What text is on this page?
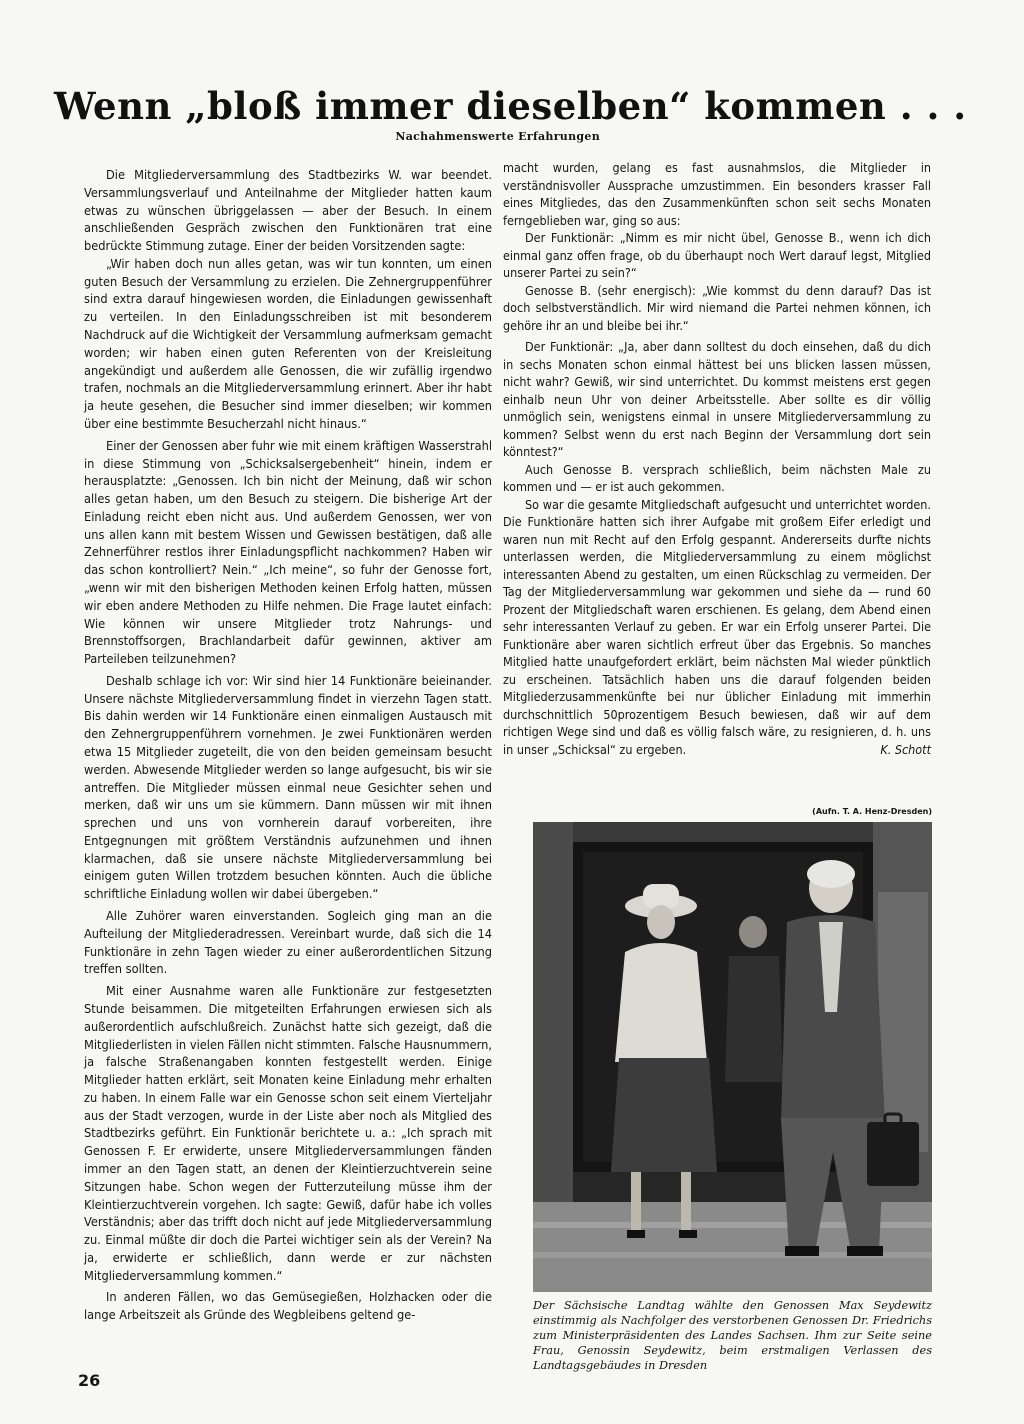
Wenn „bloß immer dieselben“ kommen . . .
Nachahmenswerte Erfahrungen

Die Mitgliederversammlung des Stadtbezirks W. war beendet. Versammlungsverlauf und Anteilnahme der Mitglieder hatten kaum etwas zu wünschen übriggelassen — aber der Besuch. In einem anschließenden Gespräch zwischen den Funktionären trat eine bedrückte Stimmung zutage. Einer der beiden Vorsitzenden sagte:

„Wir haben doch nun alles getan, was wir tun konnten, um einen guten Besuch der Versammlung zu erzielen. Die Zehnergruppenführer sind extra darauf hingewiesen worden, die Einladungen gewissenhaft zu verteilen. In den Einladungsschreiben ist mit besonderem Nachdruck auf die Wichtigkeit der Versammlung aufmerksam gemacht worden; wir haben einen guten Referenten von der Kreisleitung angekündigt und außerdem alle Genossen, die wir zufällig irgendwo trafen, nochmals an die Mitgliederversammlung erinnert. Aber ihr habt ja heute gesehen, die Besucher sind immer dieselben; wir kommen über eine bestimmte Besucherzahl nicht hinaus.“

Einer der Genossen aber fuhr wie mit einem kräftigen Wasserstrahl in diese Stimmung von „Schicksalsergebenheit“ hinein, indem er herausplatzte: „Genossen. Ich bin nicht der Meinung, daß wir schon alles getan haben, um den Besuch zu steigern. Die bisherige Art der Einladung reicht eben nicht aus. Und außerdem Genossen, wer von uns allen kann mit bestem Wissen und Gewissen bestätigen, daß alle Zehnerführer restlos ihrer Einladungspflicht nachkommen? Haben wir das schon kontrolliert? Nein.“ „Ich meine“, so fuhr der Genosse fort, „wenn wir mit den bisherigen Methoden keinen Erfolg hatten, müssen wir eben andere Methoden zu Hilfe nehmen. Die Frage lautet einfach: Wie können wir unsere Mitglieder trotz Nahrungs- und Brennstoffsorgen, Brachlandarbeit dafür gewinnen, aktiver am Parteileben teilzunehmen?

Deshalb schlage ich vor: Wir sind hier 14 Funktionäre beieinander. Unsere nächste Mitgliederversammlung findet in vierzehn Tagen statt. Bis dahin werden wir 14 Funktionäre einen einmaligen Austausch mit den Zehnergruppenführern vornehmen. Je zwei Funktionären werden etwa 15 Mitglieder zugeteilt, die von den beiden gemeinsam besucht werden. Abwesende Mitglieder werden so lange aufgesucht, bis wir sie antreffen. Die Mitglieder müssen einmal neue Gesichter sehen und merken, daß wir uns um sie kümmern. Dann müssen wir mit ihnen sprechen und uns von vornherein darauf vorbereiten, ihre Entgegnungen mit größtem Verständnis aufzunehmen und ihnen klarmachen, daß sie unsere nächste Mitgliederversammlung bei einigem guten Willen trotzdem besuchen könnten. Auch die übliche schriftliche Einladung wollen wir dabei übergeben.“

Alle Zuhörer waren einverstanden. Sogleich ging man an die Aufteilung der Mitgliederadressen. Vereinbart wurde, daß sich die 14 Funktionäre in zehn Tagen wieder zu einer außerordentlichen Sitzung treffen sollten.

Mit einer Ausnahme waren alle Funktionäre zur festgesetzten Stunde beisammen. Die mitgeteilten Erfahrungen erwiesen sich als außerordentlich aufschlußreich. Zunächst hatte sich gezeigt, daß die Mitgliederlisten in vielen Fällen nicht stimmten. Falsche Hausnummern, ja falsche Straßenangaben konnten festgestellt werden. Einige Mitglieder hatten erklärt, seit Monaten keine Einladung mehr erhalten zu haben. In einem Falle war ein Genosse schon seit einem Vierteljahr aus der Stadt verzogen, wurde in der Liste aber noch als Mitglied des Stadtbezirks geführt. Ein Funktionär berichtete u. a.: „Ich sprach mit Genossen F. Er erwiderte, unsere Mitgliederversammlungen fänden immer an den Tagen statt, an denen der Kleintierzuchtverein seine Sitzungen habe. Schon wegen der Futterzuteilung müsse ihm der Kleintierzuchtverein vorgehen. Ich sagte: Gewiß, dafür habe ich volles Verständnis; aber das trifft doch nicht auf jede Mitgliederversammlung zu. Einmal müßte dir doch die Partei wichtiger sein als der Verein? Na ja, erwiderte er schließlich, dann werde er zur nächsten Mitgliederversammlung kommen.“

In anderen Fällen, wo das Gemüsegießen, Holzhacken oder die lange Arbeitszeit als Gründe des Wegbleibens geltend ge-

macht wurden, gelang es fast ausnahmslos, die Mitglieder in verständnisvoller Aussprache umzustimmen. Ein besonders krasser Fall eines Mitgliedes, das den Zusammenkünften schon seit sechs Monaten ferngeblieben war, ging so aus:

Der Funktionär: „Nimm es mir nicht übel, Genosse B., wenn ich dich einmal ganz offen frage, ob du überhaupt noch Wert darauf legst, Mitglied unserer Partei zu sein?“

Genosse B. (sehr energisch): „Wie kommst du denn darauf? Das ist doch selbstverständlich. Mir wird niemand die Partei nehmen können, ich gehöre ihr an und bleibe bei ihr.“

Der Funktionär: „Ja, aber dann solltest du doch einsehen, daß du dich in sechs Monaten schon einmal hättest bei uns blicken lassen müssen, nicht wahr? Gewiß, wir sind unterrichtet. Du kommst meistens erst gegen einhalb neun Uhr von deiner Arbeitsstelle. Aber sollte es dir völlig unmöglich sein, wenigstens einmal in unsere Mitgliederversammlung zu kommen? Selbst wenn du erst nach Beginn der Versammlung dort sein könntest?“

Auch Genosse B. versprach schließlich, beim nächsten Male zu kommen und — er ist auch gekommen.

So war die gesamte Mitgliedschaft aufgesucht und unterrichtet worden. Die Funktionäre hatten sich ihrer Aufgabe mit großem Eifer erledigt und waren nun mit Recht auf den Erfolg gespannt. Andererseits durfte nichts unterlassen werden, die Mitgliederversammlung zu einem möglichst interessanten Abend zu gestalten, um einen Rückschlag zu vermeiden. Der Tag der Mitgliederversammlung war gekommen und siehe da — rund 60 Prozent der Mitgliedschaft waren erschienen. Es gelang, dem Abend einen sehr interessanten Verlauf zu geben. Er war ein Erfolg unserer Partei. Die Funktionäre aber waren sichtlich erfreut über das Ergebnis. So manches Mitglied hatte unaufgefordert erklärt, beim nächsten Mal wieder pünktlich zu erscheinen. Tatsächlich haben uns die darauf folgenden beiden Mitgliederzusammenkünfte bei nur üblicher Einladung mit immerhin durchschnittlich 50prozentigem Besuch bewiesen, daß wir auf dem richtigen Wege sind und daß es völlig falsch wäre, zu resignieren, d. h. uns in unser „Schicksal“ zu ergeben.	K. Schott

(Aufn. T. A. Henz-Dresden)
Der Sächsische Landtag wählte den Genossen Max Seydewitz einstimmig als Nachfolger des verstorbenen Genossen Dr. Friedrichs zum Ministerpräsidenten des Landes Sachsen. Ihm zur Seite seine Frau, Genossin Seydewitz, beim erstmaligen Verlassen des Landtagsgebäudes in Dresden
26
